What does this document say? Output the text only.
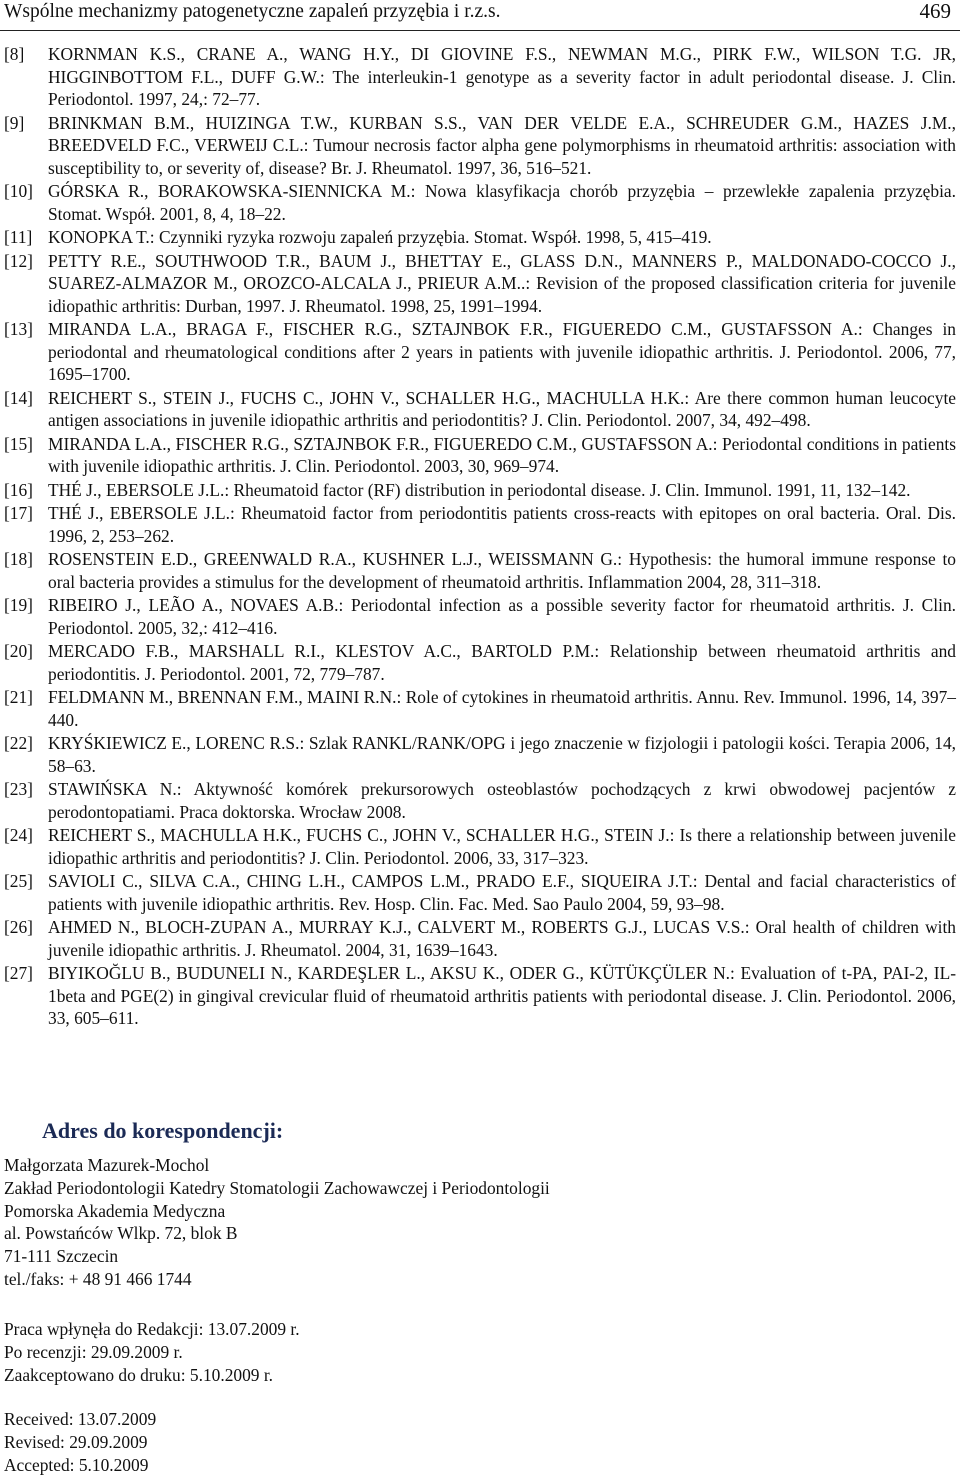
Wspólne mechanizmy patogenetyczne zapaleń przyzębia i r.z.s.	469
[8]	KORNMAN K.S., CRANE A., WANG H.Y., DI GIOVINE F.S., NEWMAN M.G., PIRK F.W., WILSON T.G. JR, HIGGINBOTTOM F.L., DUFF G.W.: The interleukin-1 genotype as a severity factor in adult periodontal disease. J. Clin. Periodontol. 1997, 24,: 72–77.
[9]	BRINKMAN B.M., HUIZINGA T.W., KURBAN S.S., VAN DER VELDE E.A., SCHREUDER G.M., HAZES J.M., BREEDVELD F.C., VERWEIJ C.L.: Tumour necrosis factor alpha gene polymorphisms in rheumatoid arthritis: association with susceptibility to, or severity of, disease? Br. J. Rheumatol. 1997, 36, 516–521.
[10] GÓRSKA R., BORAKOWSKA-SIENNICKA M.: Nowa klasyfikacja chorób przyzębia – przewlekłe zapalenia przyzębia. Stomat. Współ. 2001, 8, 4, 18–22.
[11] KONOPKA T.: Czynniki ryzyka rozwoju zapaleń przyzębia. Stomat. Współ. 1998, 5, 415–419.
[12] PETTY R.E., SOUTHWOOD T.R., BAUM J., BHETTAY E., GLASS D.N., MANNERS P., MALDONADO-COCCO J., SUAREZ-ALMAZOR M., OROZCO-ALCALA J., PRIEUR A.M..: Revision of the proposed classification criteria for juvenile idiopathic arthritis: Durban, 1997. J. Rheumatol. 1998, 25, 1991–1994.
[13] MIRANDA L.A., BRAGA F., FISCHER R.G., SZTAJNBOK F.R., FIGUEREDO C.M., GUSTAFSSON A.: Changes in periodontal and rheumatological conditions after 2 years in patients with juvenile idiopathic arthritis. J. Periodontol. 2006, 77, 1695–1700.
[14] REICHERT S., STEIN J., FUCHS C., JOHN V., SCHALLER H.G., MACHULLA H.K.: Are there common human leucocyte antigen associations in juvenile idiopathic arthritis and periodontitis? J. Clin. Periodontol. 2007, 34, 492–498.
[15] MIRANDA L.A., FISCHER R.G., SZTAJNBOK F.R., FIGUEREDO C.M., GUSTAFSSON A.: Periodontal conditions in patients with juvenile idiopathic arthritis. J. Clin. Periodontol. 2003, 30, 969–974.
[16] THÉ J., EBERSOLE J.L.: Rheumatoid factor (RF) distribution in periodontal disease. J. Clin. Immunol. 1991, 11, 132–142.
[17] THÉ J., EBERSOLE J.L.: Rheumatoid factor from periodontitis patients cross-reacts with epitopes on oral bacteria. Oral. Dis. 1996, 2, 253–262.
[18] ROSENSTEIN E.D., GREENWALD R.A., KUSHNER L.J., WEISSMANN G.: Hypothesis: the humoral immune response to oral bacteria provides a stimulus for the development of rheumatoid arthritis. Inflammation 2004, 28, 311–318.
[19] RIBEIRO J., LEÃO A., NOVAES A.B.: Periodontal infection as a possible severity factor for rheumatoid arthritis. J. Clin. Periodontol. 2005, 32,: 412–416.
[20] MERCADO F.B., MARSHALL R.I., KLESTOV A.C., BARTOLD P.M.: Relationship between rheumatoid arthritis and periodontitis. J. Periodontol. 2001, 72, 779–787.
[21] FELDMANN M., BRENNAN F.M., MAINI R.N.: Role of cytokines in rheumatoid arthritis. Annu. Rev. Immunol. 1996, 14, 397–440.
[22] KRYŚKIEWICZ E., LORENC R.S.: Szlak RANKL/RANK/OPG i jego znaczenie w fizjologii i patologii kości. Terapia 2006, 14, 58–63.
[23] STAWIŃSKA N.: Aktywność komórek prekursorowych osteoblastów pochodzących z krwi obwodowej pacjentów z perodontopatiami. Praca doktorska. Wrocław 2008.
[24] REICHERT S., MACHULLA H.K., FUCHS C., JOHN V., SCHALLER H.G., STEIN J.: Is there a relationship between juvenile idiopathic arthritis and periodontitis? J. Clin. Periodontol. 2006, 33, 317–323.
[25] SAVIOLI C., SILVA C.A., CHING L.H., CAMPOS L.M., PRADO E.F., SIQUEIRA J.T.: Dental and facial characteristics of patients with juvenile idiopathic arthritis. Rev. Hosp. Clin. Fac. Med. Sao Paulo 2004, 59, 93–98.
[26] AHMED N., BLOCH-ZUPAN A., MURRAY K.J., CALVERT M., ROBERTS G.J., LUCAS V.S.: Oral health of children with juvenile idiopathic arthritis. J. Rheumatol. 2004, 31, 1639–1643.
[27] BIYIKOĞLU B., BUDUNELI N., KARDEŞLER L., AKSU K., ODER G., KÜTÜKÇÜLER N.: Evaluation of t-PA, PAI-2, IL-1beta and PGE(2) in gingival crevicular fluid of rheumatoid arthritis patients with periodontal disease. J. Clin. Periodontol. 2006, 33, 605–611.
Adres do korespondencji:
Małgorzata Mazurek-Mochol
Zakład Periodontologii Katedry Stomatologii Zachowawczej i Periodontologii
Pomorska Akademia Medyczna
al. Powstańców Wlkp. 72, blok B
71-111 Szczecin
tel./faks: + 48 91 466 1744
Praca wpłynęła do Redakcji: 13.07.2009 r.
Po recenzji: 29.09.2009 r.
Zaakceptowano do druku: 5.10.2009 r.
Received: 13.07.2009
Revised: 29.09.2009
Accepted: 5.10.2009
